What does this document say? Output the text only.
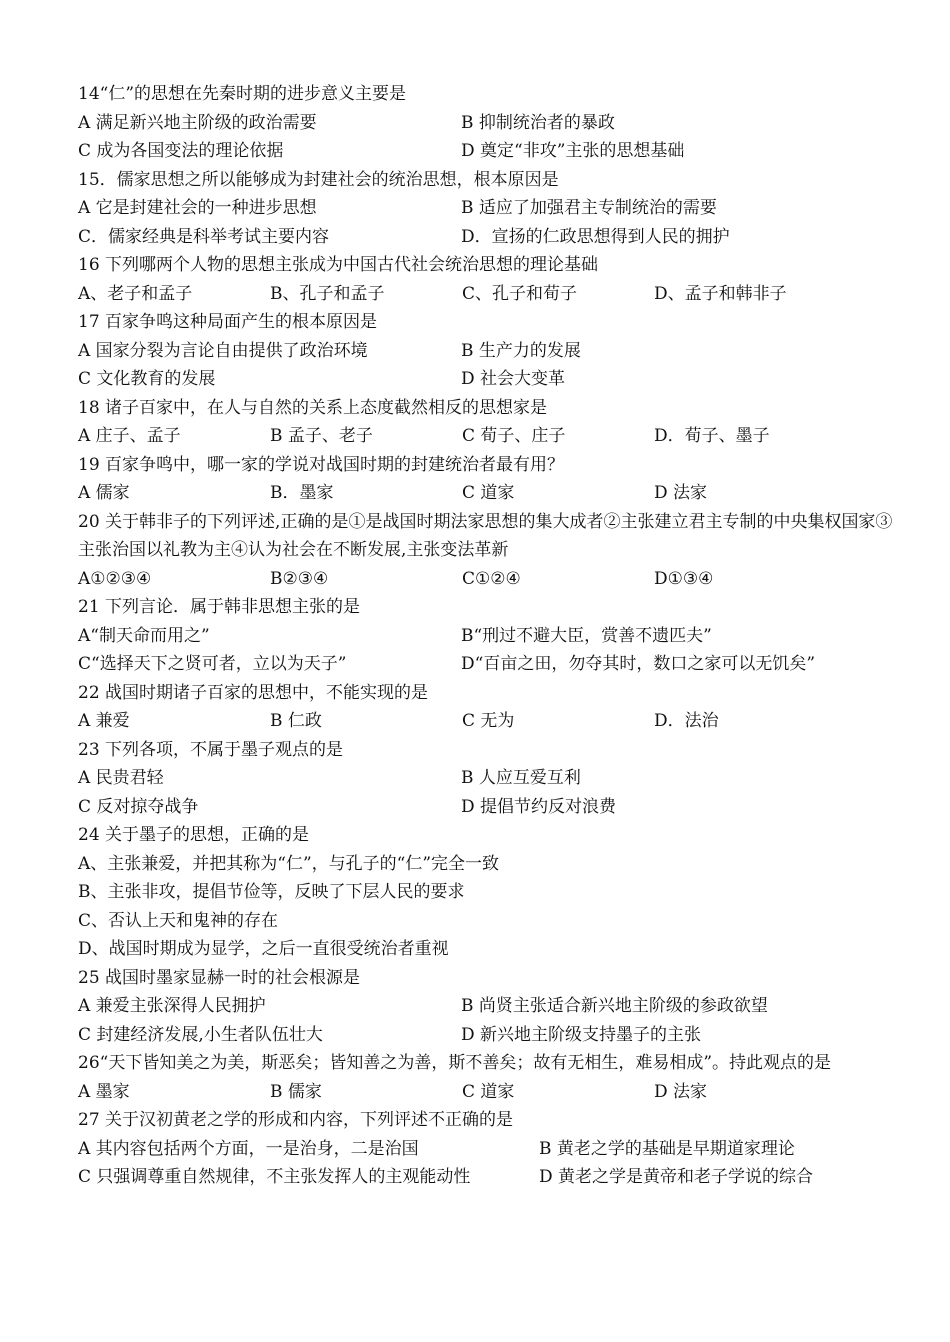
14“仁”的思想在先秦时期的进步意义主要是
A 满足新兴地主阶级的政治需要	B 抑制统治者的暴政
C 成为各国变法的理论依据	D 奠定“非攻”主张的思想基础
15．儒家思想之所以能够成为封建社会的统治思想，根本原因是
A 它是封建社会的一种进步思想	B 适应了加强君主专制统治的需要
C．儒家经典是科举考试主要内容	D．宣扬的仁政思想得到人民的拥护
16 下列哪两个人物的思想主张成为中国古代社会统治思想的理论基础
A、老子和孟子	B、孔子和孟子	C、孔子和荀子	D、孟子和韩非子
17 百家争鸣这种局面产生的根本原因是
A 国家分裂为言论自由提供了政治环境	B 生产力的发展
C 文化教育的发展	D 社会大变革
18 诸子百家中，在人与自然的关系上态度截然相反的思想家是
A 庄子、孟子	B 孟子、老子	C 荀子、庄子	D．荀子、墨子
19 百家争鸣中，哪一家的学说对战国时期的封建统治者最有用？
A 儒家	B．墨家	C 道家	D 法家
20 关于韩非子的下列评述,正确的是①是战国时期法家思想的集大成者②主张建立君主专制的中央集权国家③主张治国以礼教为主④认为社会在不断发展,主张变法革新
A①②③④	B②③④	C①②④	D①③④
21 下列言论．属于韩非思想主张的是
A“制天命而用之”	B“刑过不避大臣，赏善不遗匹夫”
C“选择天下之贤可者，立以为天子”	D“百亩之田，勿夺其时，数口之家可以无饥矣”
22 战国时期诸子百家的思想中，不能实现的是
A 兼爱	B 仁政	C 无为	D．法治
23 下列各项，不属于墨子观点的是
A 民贵君轻	B 人应互爱互利
C 反对掠夺战争	D 提倡节约反对浪费
24 关于墨子的思想，正确的是
A、主张兼爱，并把其称为“仁”，与孔子的“仁”完全一致
B、主张非攻，提倡节俭等，反映了下层人民的要求
C、否认上天和鬼神的存在
D、战国时期成为显学，之后一直很受统治者重视
25 战国时墨家显赫一时的社会根源是
A 兼爱主张深得人民拥护	B 尚贤主张适合新兴地主阶级的参政欲望
C 封建经济发展,小生者队伍壮大	D 新兴地主阶级支持墨子的主张
26“天下皆知美之为美，斯恶矣；皆知善之为善，斯不善矣；故有无相生，难易相成”。持此观点的是
A 墨家	B 儒家	C 道家	D 法家
27 关于汉初黄老之学的形成和内容，下列评述不正确的是
A 其内容包括两个方面，一是治身，二是治国	B 黄老之学的基础是早期道家理论
C 只强调尊重自然规律，不主张发挥人的主观能动性	D 黄老之学是黄帝和老子学说的综合
